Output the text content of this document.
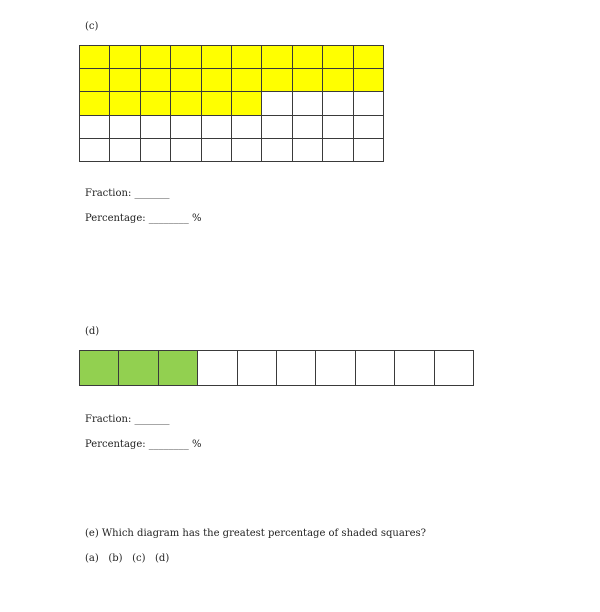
(c)

Fraction: _______
Percentage: ________ %
(d)

Fraction: _______
Percentage: ________ %
(e) Which diagram has the greatest percentage of shaded squares?
(a) (b) (c) (d)
